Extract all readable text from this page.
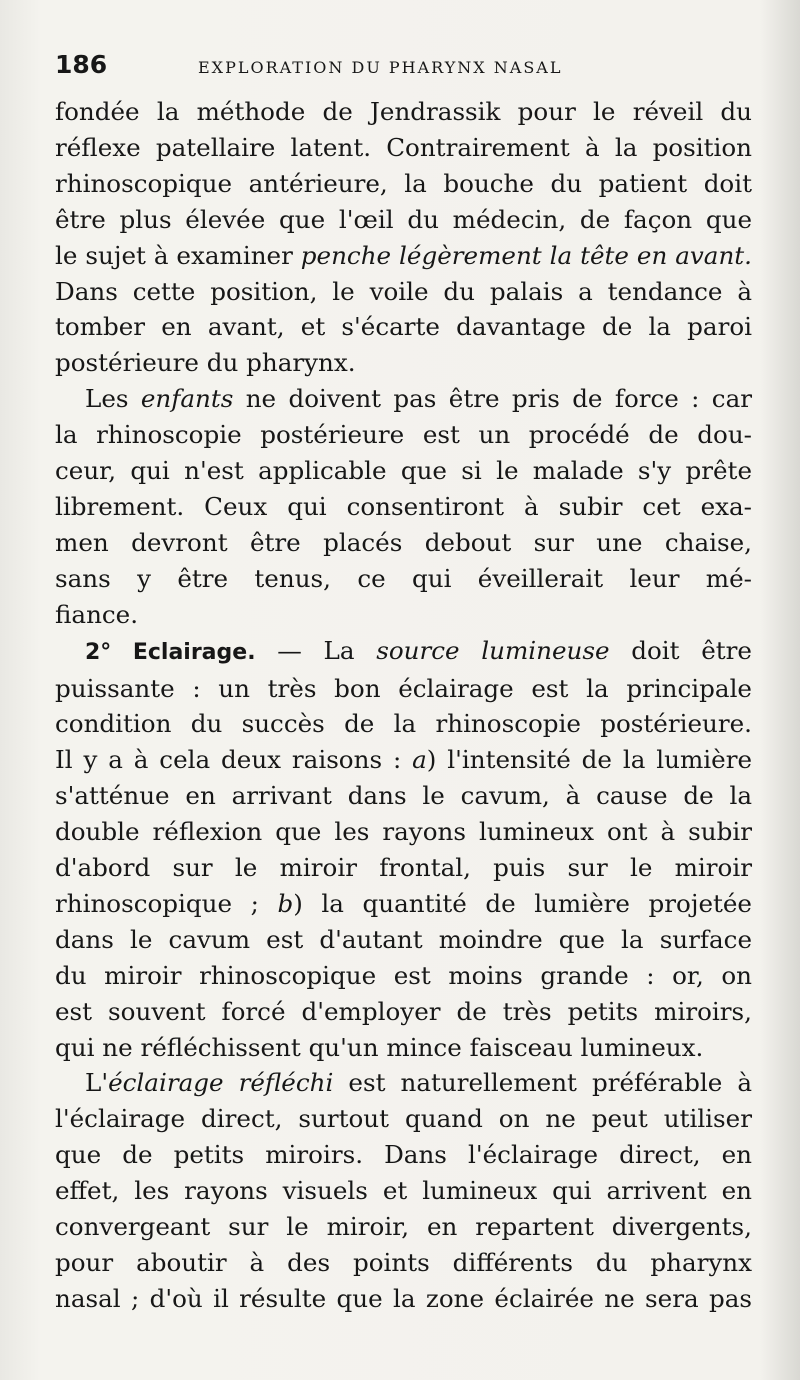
186	EXPLORATION DU PHARYNX NASAL
fondée la méthode de Jendrassik pour le réveil du
réflexe patellaire latent. Contrairement à la position
rhinoscopique antérieure, la bouche du patient doit
être plus élevée que l'œil du médecin, de façon que
le sujet à examiner penche légèrement la tête en avant.
Dans cette position, le voile du palais a tendance à
tomber en avant, et s'écarte davantage de la paroi
postérieure du pharynx.
Les enfants ne doivent pas être pris de force : car
la rhinoscopie postérieure est un procédé de dou-
ceur, qui n'est applicable que si le malade s'y prête
librement. Ceux qui consentiront à subir cet exa-
men devront être placés debout sur une chaise,
sans y être tenus, ce qui éveillerait leur mé-
fiance.
2° Eclairage. — La source lumineuse doit être
puissante : un très bon éclairage est la principale
condition du succès de la rhinoscopie postérieure.
Il y a à cela deux raisons : a) l'intensité de la lumière
s'atténue en arrivant dans le cavum, à cause de la
double réflexion que les rayons lumineux ont à subir
d'abord sur le miroir frontal, puis sur le miroir
rhinoscopique ; b) la quantité de lumière projetée
dans le cavum est d'autant moindre que la surface
du miroir rhinoscopique est moins grande : or, on
est souvent forcé d'employer de très petits miroirs,
qui ne réfléchissent qu'un mince faisceau lumineux.
L'éclairage réfléchi est naturellement préférable à
l'éclairage direct, surtout quand on ne peut utiliser
que de petits miroirs. Dans l'éclairage direct, en
effet, les rayons visuels et lumineux qui arrivent en
convergeant sur le miroir, en repartent divergents,
pour aboutir à des points différents du pharynx
nasal ; d'où il résulte que la zone éclairée ne sera pas
